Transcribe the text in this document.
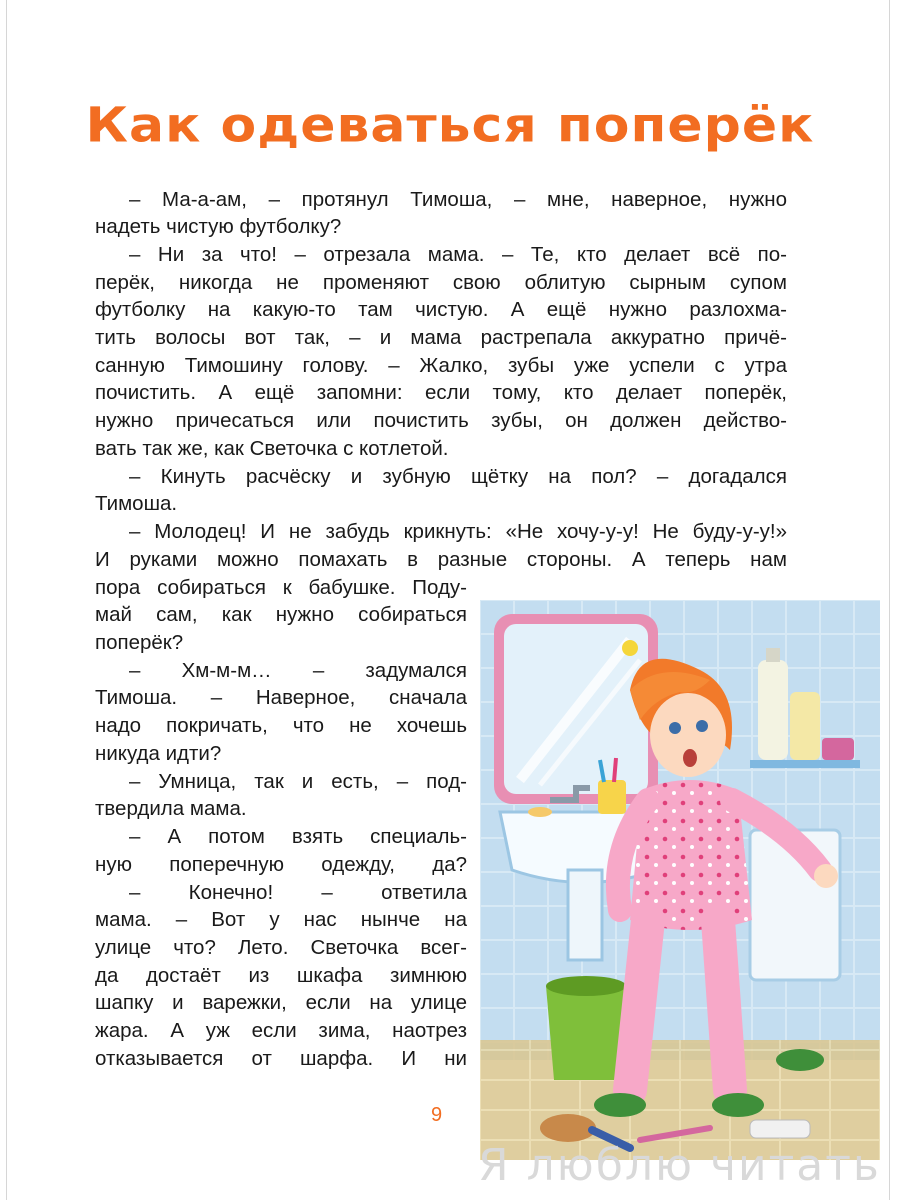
Как одеваться поперёк
– Ма-а-ам, – протянул Тимоша, – мне, наверное, нужно
надеть чистую футболку?
– Ни за что! – отрезала мама. – Те, кто делает всё по-
перёк, никогда не променяют свою облитую сырным супом
футболку на какую-то там чистую. А ещё нужно разлохма-
тить волосы вот так, – и мама растрепала аккуратно причё-
санную Тимошину голову. – Жалко, зубы уже успели с утра
почистить. А ещё запомни: если тому, кто делает поперёк,
нужно причесаться или почистить зубы, он должен действо-
вать так же, как Светочка с котлетой.
– Кинуть расчёску и зубную щётку на пол? – догадался
Тимоша.
– Молодец! И не забудь крикнуть: «Не хочу-у-у! Не буду-у-у!»
И руками можно помахать в разные стороны. А теперь нам
пора собираться к бабушке. Поду-
май сам, как нужно собираться
поперёк?
– Хм-м-м… – задумался
Тимоша. – Наверное, сначала
надо покричать, что не хочешь
никуда идти?
– Умница, так и есть, – под-
твердила мама.
– А потом взять специаль-
ную поперечную одежду, да?
– Конечно! – ответила
мама. – Вот у нас нынче на
улице что? Лето. Светочка всег-
да достаёт из шкафа зимнюю
шапку и варежки, если на улице
жара. А уж если зима, наотрез
отказывается от шарфа. И ни
9
Я люблю читать
